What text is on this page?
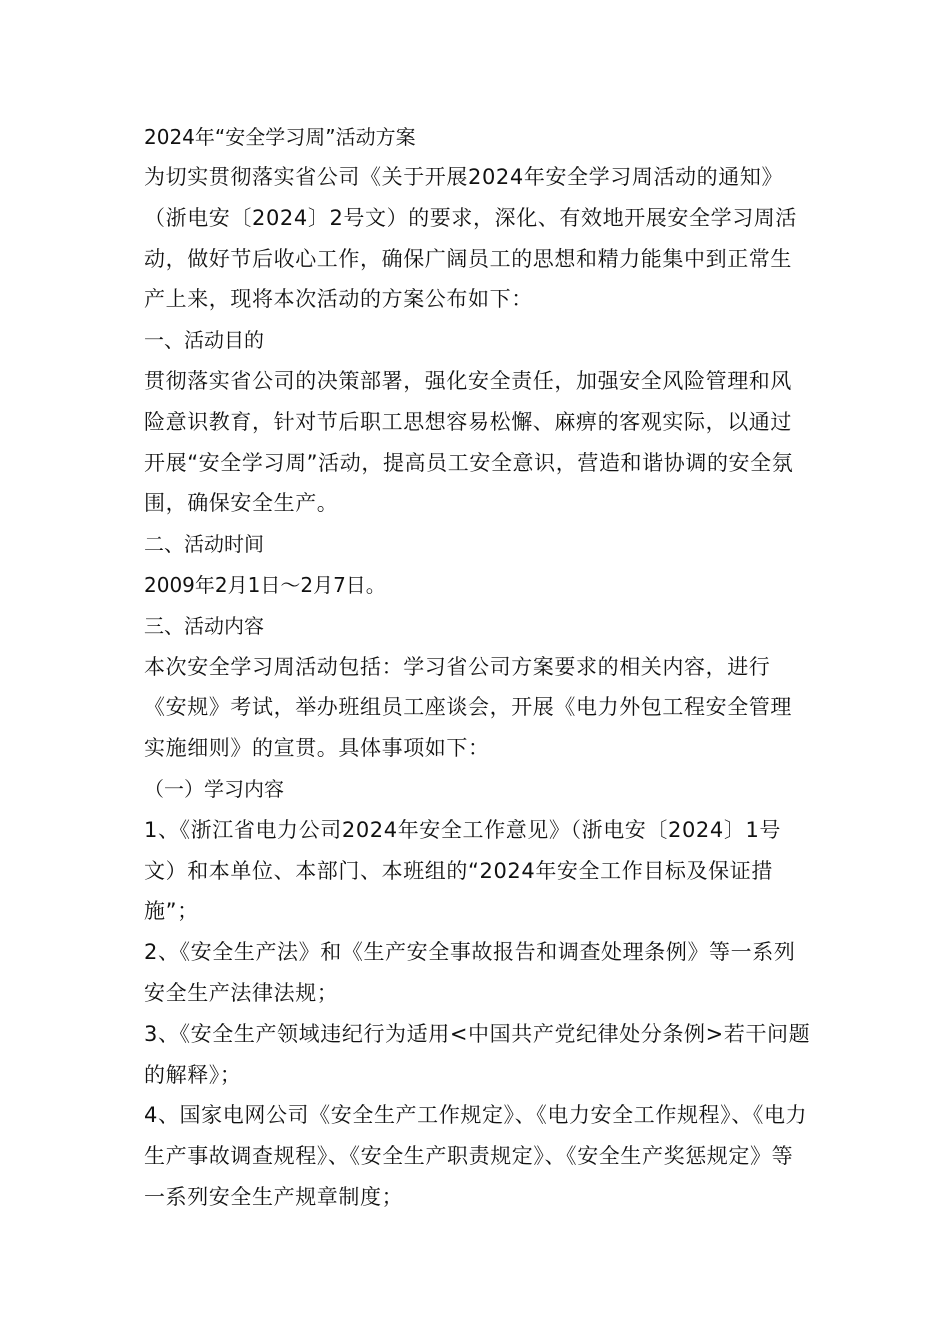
2024年“安全学习周”活动方案

为切实贯彻落实省公司《关于开展2024年安全学习周活动的通知》（浙电安〔2024〕2号文）的要求，深化、有效地开展安全学习周活动，做好节后收心工作，确保广阔员工的思想和精力能集中到正常生产上来，现将本次活动的方案公布如下：

一、活动目的

贯彻落实省公司的决策部署，强化安全责任，加强安全风险管理和风险意识教育，针对节后职工思想容易松懈、麻痹的客观实际，以通过开展“安全学习周”活动，提高员工安全意识，营造和谐协调的安全氛围，确保安全生产。

二、活动时间

2009年2月1日～2月7日。

三、活动内容

本次安全学习周活动包括：学习省公司方案要求的相关内容，进行《安规》考试，举办班组员工座谈会，开展《电力外包工程安全管理实施细则》的宣贯。具体事项如下：

（一）学习内容

1、《浙江省电力公司2024年安全工作意见》（浙电安〔2024〕1号文）和本单位、本部门、本班组的“2024年安全工作目标及保证措施”；

2、《安全生产法》和《生产安全事故报告和调查处理条例》等一系列安全生产法律法规；

3、《安全生产领域违纪行为适用<中国共产党纪律处分条例>若干问题的解释》；

4、国家电网公司《安全生产工作规定》、《电力安全工作规程》、《电力生产事故调查规程》、《安全生产职责规定》、《安全生产奖惩规定》等一系列安全生产规章制度；
